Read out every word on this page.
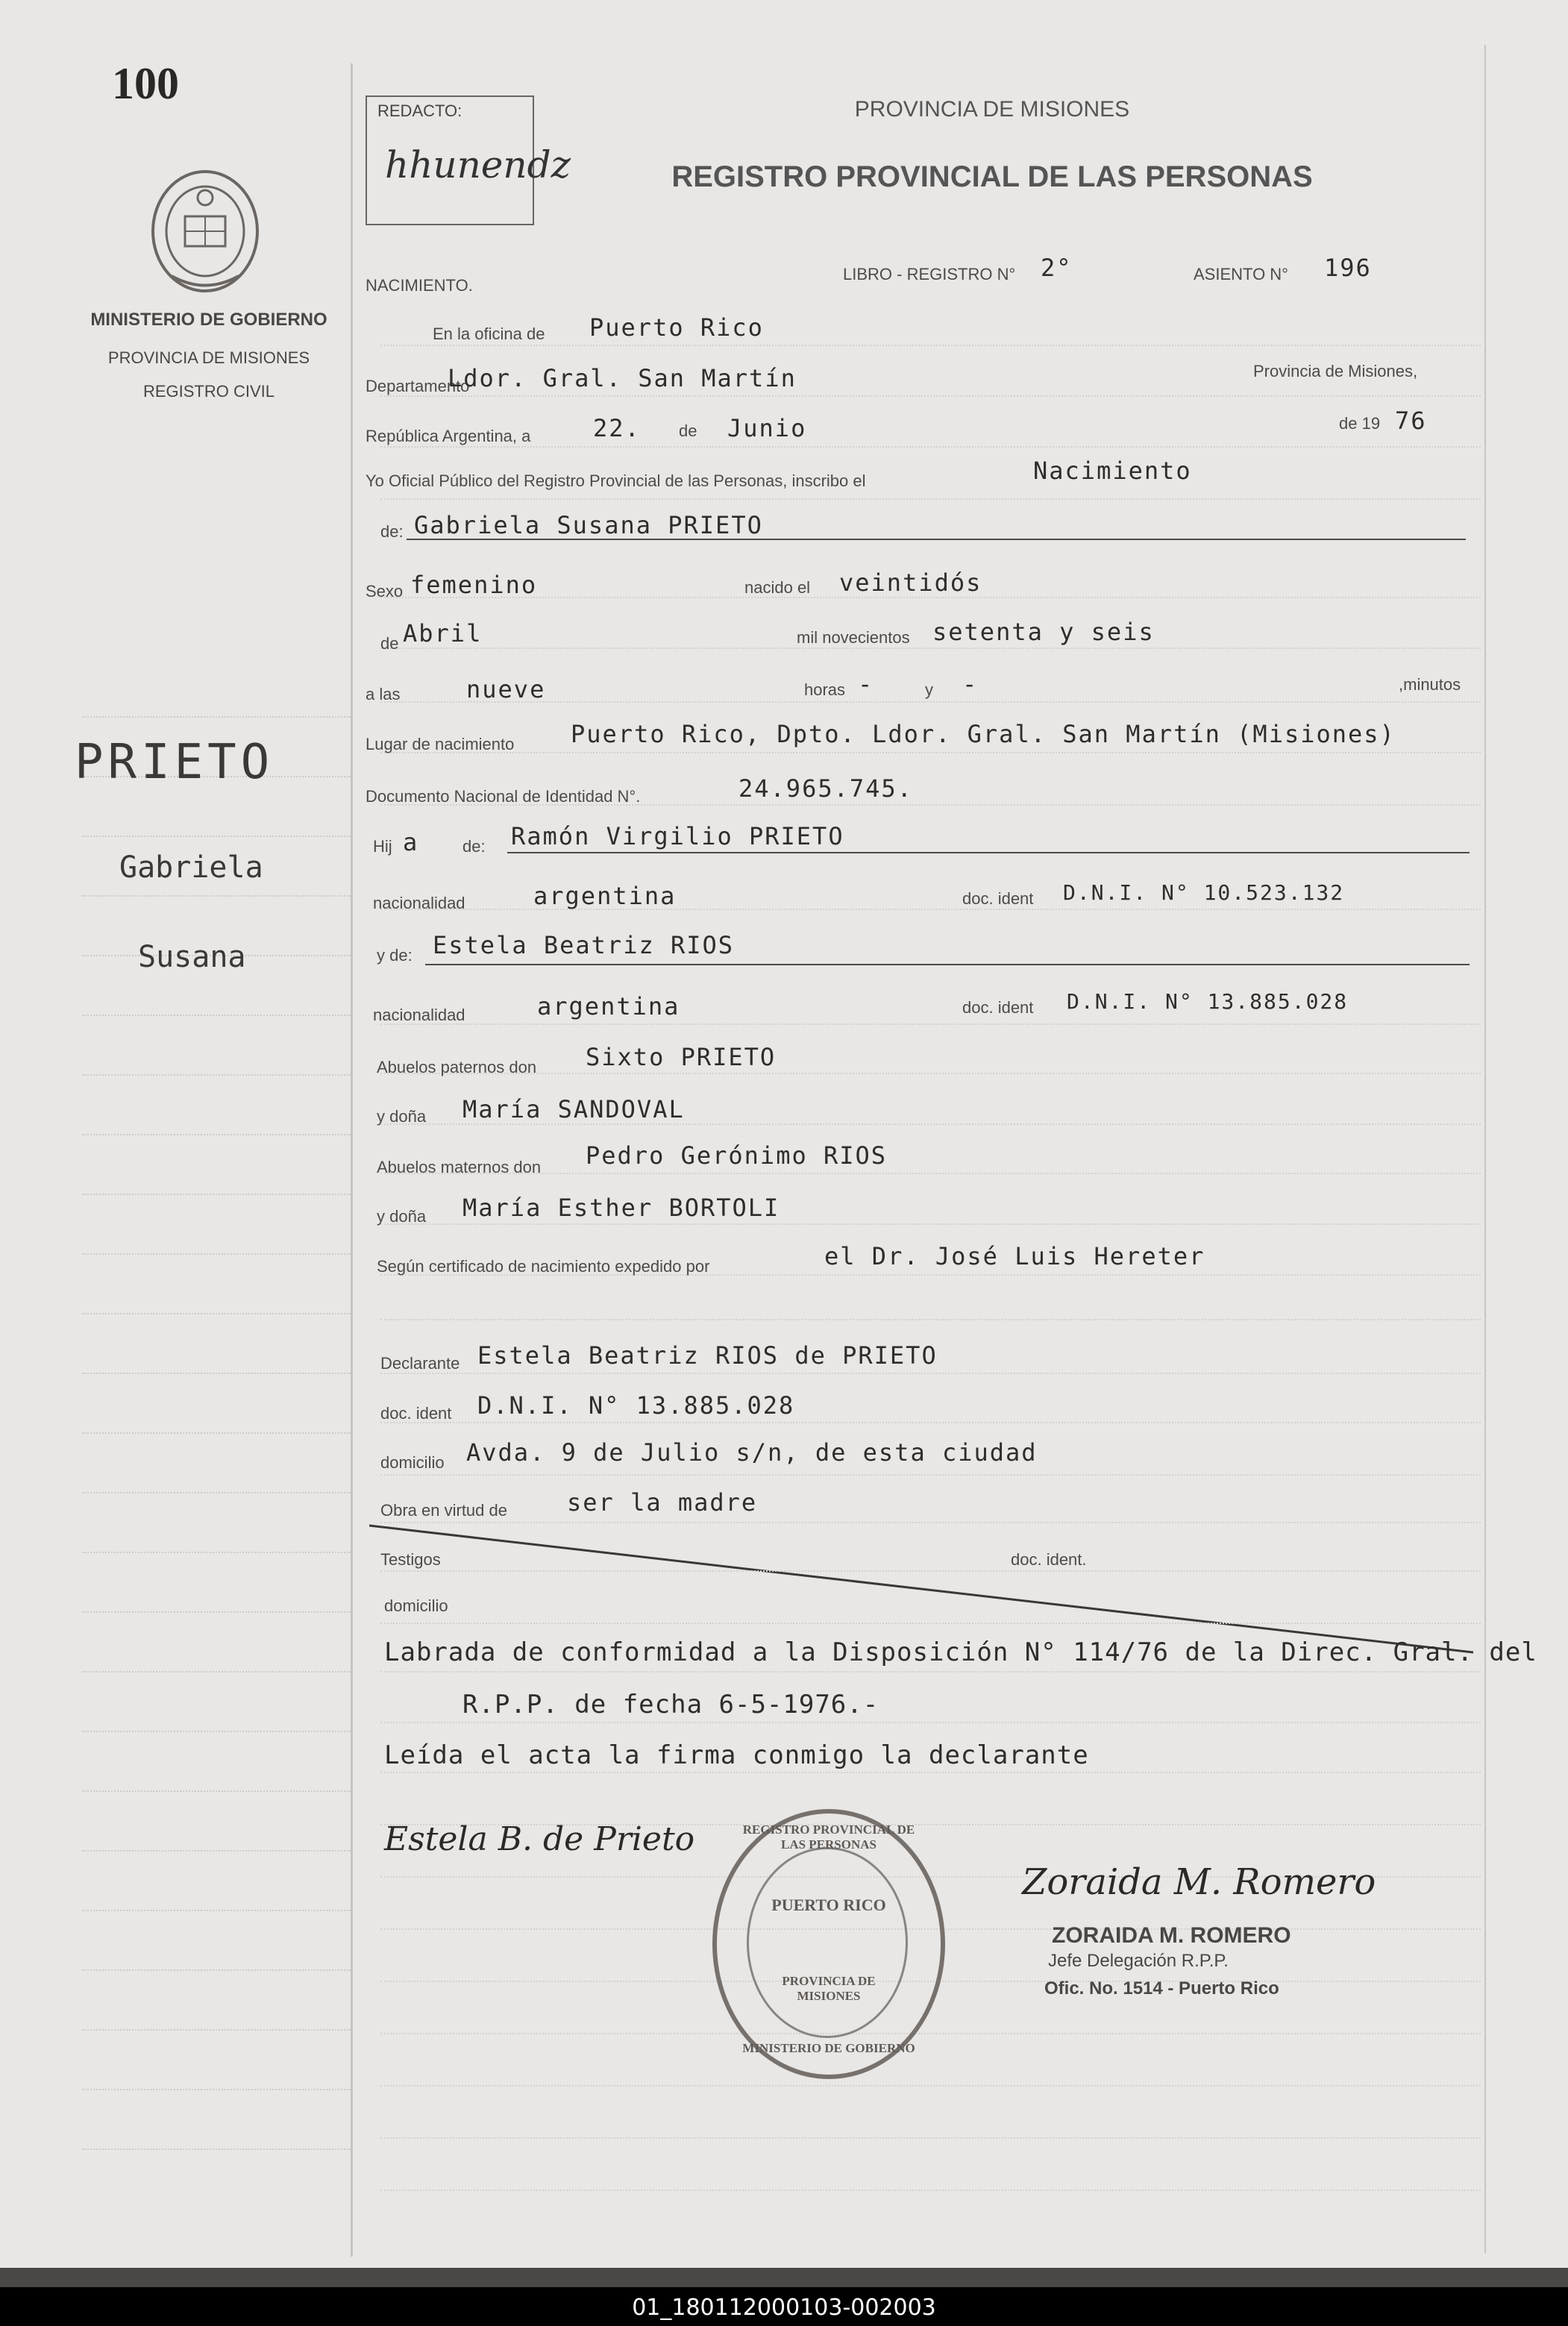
100
MINISTERIO DE GOBIERNO
PROVINCIA DE MISIONES
REGISTRO CIVIL
PRIETO
Gabriela
Susana
REDACTO:
hhunendz
PROVINCIA DE MISIONES
REGISTRO PROVINCIAL DE LAS PERSONAS
NACIMIENTO.
LIBRO - REGISTRO N° 2°	ASIENTO N° 196
En la oficina de Puerto Rico
Departamento
Ldor. Gral. San Martín	Provincia de Misiones,
República Argentina, a	22. de Junio	de 19 76
Yo Oficial Público del Registro Provincial de las Personas, inscribo el	Nacimiento
de: Gabriela Susana PRIETO
Sexo femenino	nacido el veintidós
de Abril	mil novecientos setenta y seis
a las	nueve	horas -	y -	,minutos
Lugar de nacimiento Puerto Rico, Dpto. Ldor. Gral. San Martín (Misiones)
Documento Nacional de Identidad N°.	24.965.745.
Hij a	de: Ramón Virgilio PRIETO
nacionalidad	argentina	doc. ident D.N.I. N° 10.523.132
y de: Estela Beatriz RIOS
nacionalidad	argentina	doc. ident D.N.I. N° 13.885.028
Abuelos paternos don Sixto PRIETO
y doña María SANDOVAL
Abuelos maternos don Pedro Gerónimo RIOS
y doña María Esther BORTOLI
Según certificado de nacimiento expedido por	el Dr. José Luis Hereter
Declarante Estela Beatriz RIOS de PRIETO
doc. ident D.N.I. N° 13.885.028
domicilio Avda. 9 de Julio s/n, de esta ciudad
Obra en virtud de	ser la madre
Testigos	doc. ident.
domicilio
Labrada de conformidad a la Disposición N° 114/76 de la Direc. Gral. del
R.P.P. de fecha 6-5-1976.-
Leída el acta la firma conmigo la declarante
Estela B. de Prieto	REGISTRO PROVINCIAL DE LAS PERSONAS
PUERTO RICO
PROVINCIA DE MISIONES
MINISTERIO DE GOBIERNO
Zoraida M. Romero
ZORAIDA M. ROMERO
Jefe Delegación R.P.P.
Ofic. No. 1514 - Puerto Rico
01_180112000103-002003
